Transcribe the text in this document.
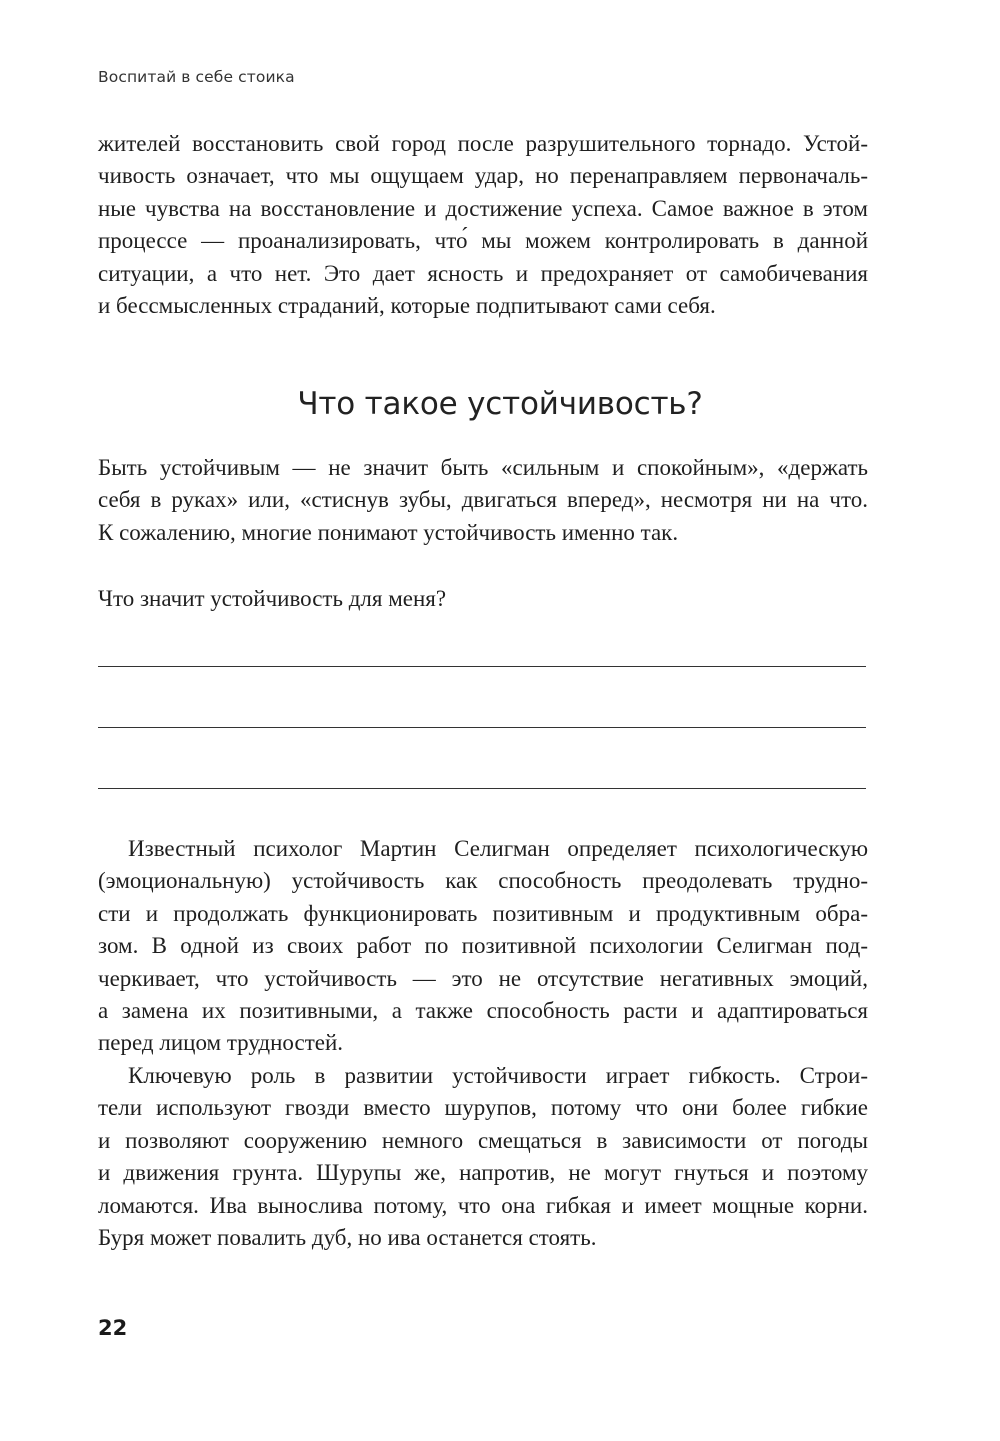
Воспитай в себе стоика
жителей восстановить свой город после разрушительного торнадо. Устой-
чивость означает, что мы ощущаем удар, но перенаправляем первоначаль-
ные чувства на восстановление и достижение успеха. Самое важное в этом
процессе — проанализировать, что́ мы можем контролировать в данной
ситуации, а что нет. Это дает ясность и предохраняет от самобичевания
и бессмысленных страданий, которые подпитывают сами себя.
Что такое устойчивость?
Быть устойчивым — не значит быть «сильным и спокойным», «держать
себя в руках» или, «стиснув зубы, двигаться вперед», несмотря ни на что.
К сожалению, многие понимают устойчивость именно так.
Что значит устойчивость для меня?
Известный психолог Мартин Селигман определяет психологическую
(эмоциональную) устойчивость как способность преодолевать трудно-
сти и продолжать функционировать позитивным и продуктивным обра-
зом. В одной из своих работ по позитивной психологии Селигман под-
черкивает, что устойчивость — это не отсутствие негативных эмоций,
а замена их позитивными, а также способность расти и адаптироваться
перед лицом трудностей.
Ключевую роль в развитии устойчивости играет гибкость. Строи-
тели используют гвозди вместо шурупов, потому что они более гибкие
и позволяют сооружению немного смещаться в зависимости от погоды
и движения грунта. Шурупы же, напротив, не могут гнуться и поэтому
ломаются. Ива вынослива потому, что она гибкая и имеет мощные корни.
Буря может повалить дуб, но ива останется стоять.
22
